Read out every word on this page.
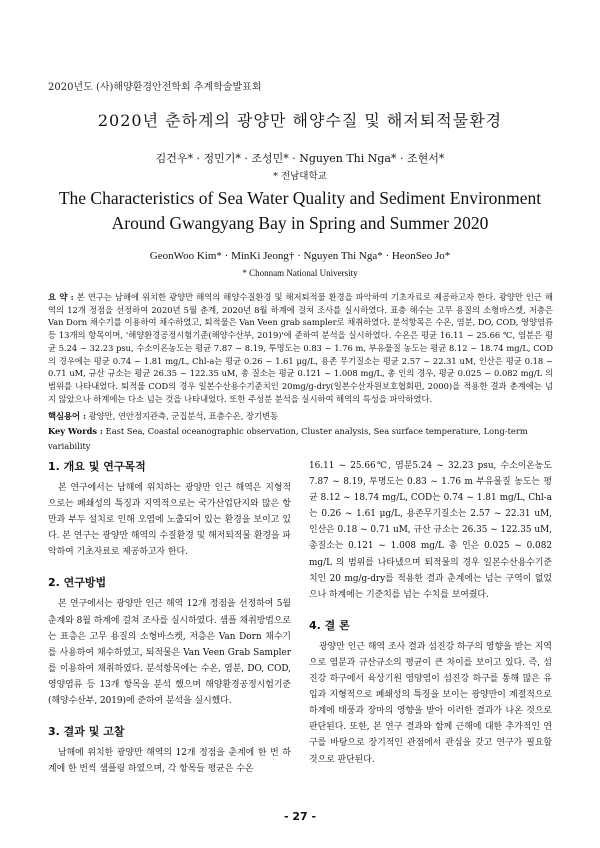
2020년도 (사)해양환경안전학회 추계학술발표회
2020년 춘하계의 광양만 해양수질 및 해저퇴적물환경
김건우* · 정민기* · 조성민* · Nguyen Thi Nga* · 조현서*
* 전남대학교
The Characteristics of Sea Water Quality and Sediment Environment Around Gwangyang Bay in Spring and Summer 2020
GeonWoo Kim* · MinKi Jeong† · Nguyen Thi Nga* · HeonSeo Jo*
* Chonnam National University
요 약 : 본 연구는 남해에 위치한 광양만 해역의 해양수질환경 및 해저퇴적물 환경을 파악하여 기초자료로 제공하고자 한다. 광양만 인근 해역의 12개 정점을 선정하여 2020년 5월 춘계, 2020년 8월 하계에 걸쳐 조사를 실시하였다. 표층 해수는 고무 용질의 소형바스켓, 저층은 Van Dorn 채수기를 이용하여 채수하였고, 퇴적물은 Van Veen grab sampler로 채취하였다. 분석항목은 수온, 염분, DO, COD, 영양염류 등 13개의 항목이며, '해양환경공정시험기준(해양수산부, 2019)'에 준하여 분석을 실시하였다. 수온은 평균 16.11 ~ 25.66 ℃, 염분은 평균 5.24 ~ 32.23 psu, 수소이온농도는 평균 7.87 ~ 8.19, 투명도는 0.83 ~ 1.76 m, 부유물질 농도는 평균 8.12 ~ 18.74 mg/L, COD의 경우에는 평균 0.74 ~ 1.81 mg/L, Chl-a는 평균 0.26 ~ 1.61 μg/L, 용존 무기질소는 평균 2.57 ~ 22.31 uM, 인산은 평균 0.18 ~ 0.71 uM, 규산 규소는 평균 26.35 ~ 122.35 uM, 총 질소는 평균 0.121 ~ 1.008 mg/L, 총 인의 경우, 평균 0.025 ~ 0.082 mg/L 의 범위를 나타내었다. 퇴적물 COD의 경우 일본수산용수기준치인 20mg/g-dry(일본수산자원보호협회편, 2000)을 적용한 결과 춘계에는 넘지 않았으나 하계에는 다소 넘는 것을 나타내었다. 또한 주성분 분석을 실시하여 해역의 특성을 파악하였다.
핵심용어 : 광양만, 연안정지관측, 군집분석, 표층수온, 장기변동
Key Words : East Sea, Coastal oceanographic observation, Cluster analysis, Sea surface temperature, Long-term variability
1. 개요 및 연구목적

본 연구에서는 남해에 위치하는 광양만 인근 해역은 지형적으로는 폐쇄성의 특징과 지역적으로는 국가산업단지와 많은 항만과 부두 설치로 인해 오염에 노출되어 있는 환경을 보이고 있다. 본 연구는 광양만 해역의 수질환경 및 해저퇴적물 환경을 파악하여 기초자료로 제공하고자 한다.

2. 연구방법

본 연구에서는 광양만 인근 해역 12개 정점을 선정하여 5월 춘계와 8월 하계에 걸쳐 조사를 실시하였다. 샘플 채취방법으로는 표층은 고무 용질의 소형바스켓, 저층은 Van Dorn 채수기를 사용하여 채수하였고, 퇴적물은 Van Veen Grab Sampler를 이용하여 채취하였다. 분석항목에는 수온, 염분, DO, COD, 영양염류 등 13개 항목을 분석 했으며 해양환경공정시험기준(해양수산부, 2019)에 준하여 분석을 실시했다.

3. 결과 및 고찰

남해에 위치한 광양만 해역의 12개 정점을 춘계에 한 번 하계에 한 번씩 샘플링 하였으며, 각 항목들 평균은 수온

16.11 ~ 25.66℃, 염분5.24 ~ 32.23 psu, 수소이온농도 7.87 ~ 8.19, 투명도는 0.83 ~ 1.76 m 부유물질 농도는 평균 8.12 ~ 18.74 mg/L, COD는 0.74 ~ 1.81 mg/L, Chl-a는 0.26 ~ 1.61 μg/L, 용존무기질소는 2.57 ~ 22.31 uM, 인산은 0.18 ~ 0.71 uM, 규산 규소는 26.35 ~ 122.35 uM, 총질소는 0.121 ~ 1.008 mg/L 총 인은 0.025 ~ 0.082 mg/L 의 범위를 나타냈으며 퇴적물의 경우 일본수산용수기준치인 20 mg/g-dry를 적용한 결과 춘계에는 넘는 구역이 없었으나 하계에는 기준치를 넘는 수치를 보여줬다.

4. 결 론

광양만 인근 해역 조사 결과 섬진강 하구의 영향을 받는 지역으로 염분과 규산규소의 평균이 큰 차이를 보이고 있다. 즉, 섬진강 하구에서 육상기원 영양염이 섬진강 하구를 통해 많은 유입과 지형적으로 폐쇄성의 특징을 보이는 광양만이 계절적으로 하계에 태풍과 장마의 영향을 받아 이러한 결과가 나온 것으로 판단된다. 또한, 본 연구 결과와 함께 근해에 대한 추가적인 연구를 바탕으로 장기적인 관점에서 관심을 갖고 연구가 필요할 것으로 판단된다.

- 27 -
